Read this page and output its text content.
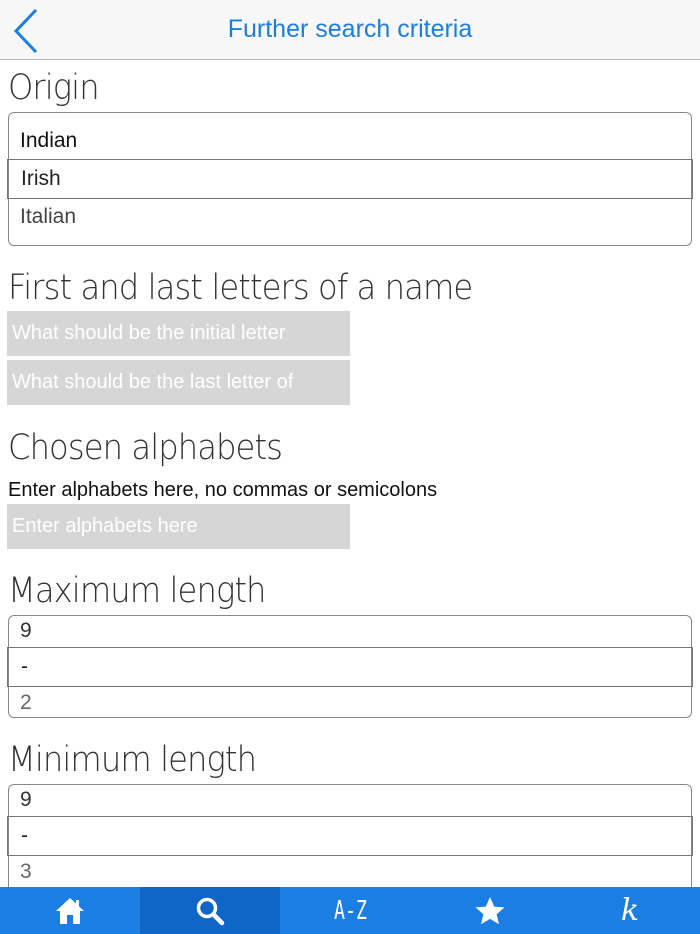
Further search criteria
Origin
Indian
Irish
Italian
First and last letters of a name
What should be the initial letter
What should be the last letter of
Chosen alphabets
Enter alphabets here, no commas or semicolons
Enter alphabets here
Maximum length
9
-
2
Minimum length
9
-
3
A-Z	k
